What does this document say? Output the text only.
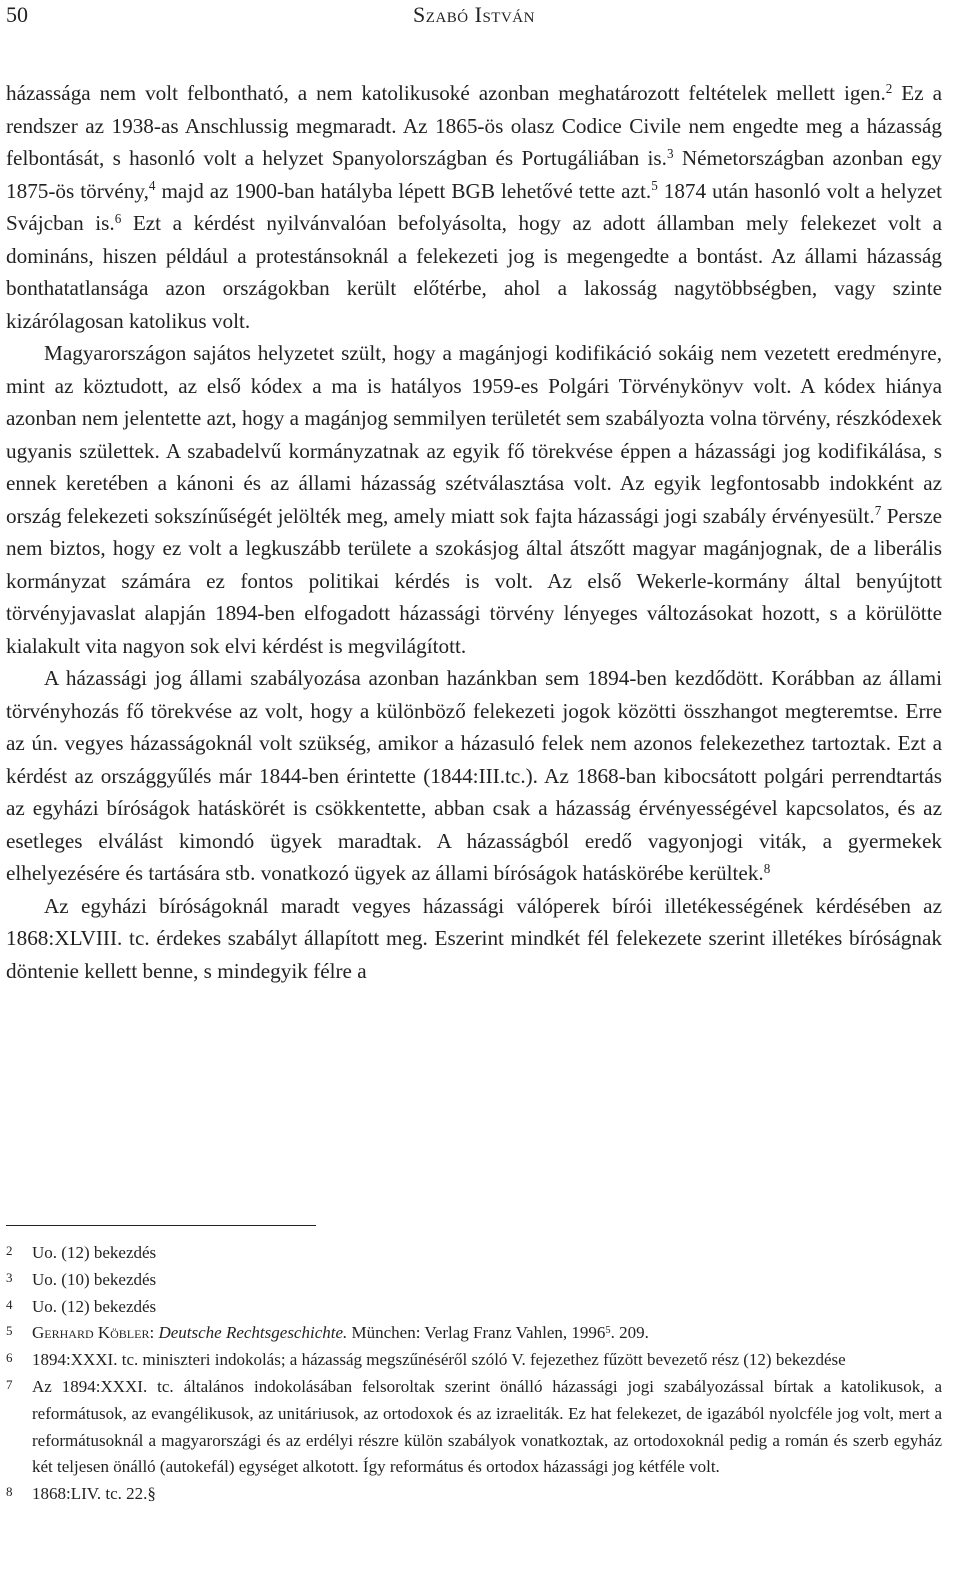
50	Szabó István

házassága nem volt felbontható, a nem katolikusoké azonban meghatározott feltételek mellett igen.$^2$ Ez a rendszer az 1938-as Anschlussig megmaradt. Az 1865-ös olasz Codice Civile nem engedte meg a házasság felbontását, s hasonló volt a helyzet Spanyolországban és Portugáliában is.$^3$ Németországban azonban egy 1875-ös törvény,$^4$ majd az 1900-ban hatályba lépett BGB lehetővé tette azt.$^5$ 1874 után hasonló volt a helyzet Svájcban is.$^6$ Ezt a kérdést nyilvánvalóan befolyásolta, hogy az adott államban mely felekezet volt a domináns, hiszen például a protestánsoknál a felekezeti jog is megengedte a bontást. Az állami házasság bonthatatlansága azon országokban került előtérbe, ahol a lakosság nagytöbbségben, vagy szinte kizárólagosan katolikus volt.

Magyarországon sajátos helyzetet szült, hogy a magánjogi kodifikáció sokáig nem vezetett eredményre, mint az köztudott, az első kódex a ma is hatályos 1959-es Polgári Törvénykönyv volt. A kódex hiánya azonban nem jelentette azt, hogy a magánjog semmilyen területét sem szabályozta volna törvény, részkódexek ugyanis születtek. A szabadelvű kormányzatnak az egyik fő törekvése éppen a házassági jog kodifikálása, s ennek keretében a kánoni és az állami házasság szétválasztása volt. Az egyik legfontosabb indokként az ország felekezeti sokszínűségét jelölték meg, amely miatt sok fajta házassági jogi szabály érvényesült.$^7$ Persze nem biztos, hogy ez volt a legkuszább területe a szokásjog által átszőtt magyar magánjognak, de a liberális kormányzat számára ez fontos politikai kérdés is volt. Az első Wekerle-kormány által benyújtott törvényjavaslat alapján 1894-ben elfogadott házassági törvény lényeges változásokat hozott, s a körülötte kialakult vita nagyon sok elvi kérdést is megvilágított.

A házassági jog állami szabályozása azonban hazánkban sem 1894-ben kezdődött. Korábban az állami törvényhozás fő törekvése az volt, hogy a különböző felekezeti jogok közötti összhangot megteremtse. Erre az ún. vegyes házasságoknál volt szükség, amikor a házasuló felek nem azonos felekezethez tartoztak. Ezt a kérdést az országgyűlés már 1844-ben érintette (1844:III.tc.). Az 1868-ban kibocsátott polgári perrendtartás az egyházi bíróságok hatáskörét is csökkentette, abban csak a házasság érvényességével kapcsolatos, és az esetleges elválást kimondó ügyek maradtak. A házasságból eredő vagyonjogi viták, a gyermekek elhelyezésére és tartására stb. vonatkozó ügyek az állami bíróságok hatáskörébe kerültek.$^8$

Az egyházi bíróságoknál maradt vegyes házassági válóperek bírói illetékességének kérdésében az 1868:XLVIII. tc. érdekes szabályt állapított meg. Eszerint mindkét fél felekezete szerint illetékes bíróságnak döntenie kellett benne, s mindegyik félre a

2 Uo. (12) bekezdés

3 Uo. (10) bekezdés

4 Uo. (12) bekezdés

5 Gerhard Köbler: Deutsche Rechtsgeschichte. München: Verlag Franz Vahlen, 1996$^5$. 209.

6 1894:XXXI. tc. miniszteri indokolás; a házasság megszűnéséről szóló V. fejezethez fűzött bevezető rész (12) bekezdése

7 Az 1894:XXXI. tc. általános indokolásában felsoroltak szerint önálló házassági jogi szabályozással bírtak a katolikusok, a reformátusok, az evangélikusok, az unitáriusok, az ortodoxok és az izraeliták. Ez hat felekezet, de igazából nyolcféle jog volt, mert a reformátusoknál a magyarországi és az erdélyi részre külön szabályok vonatkoztak, az ortodoxoknál pedig a román és szerb egyház két teljesen önálló (autokefál) egységet alkotott. Így református és ortodox házassági jog kétféle volt.

8 1868:LIV. tc. 22.§
